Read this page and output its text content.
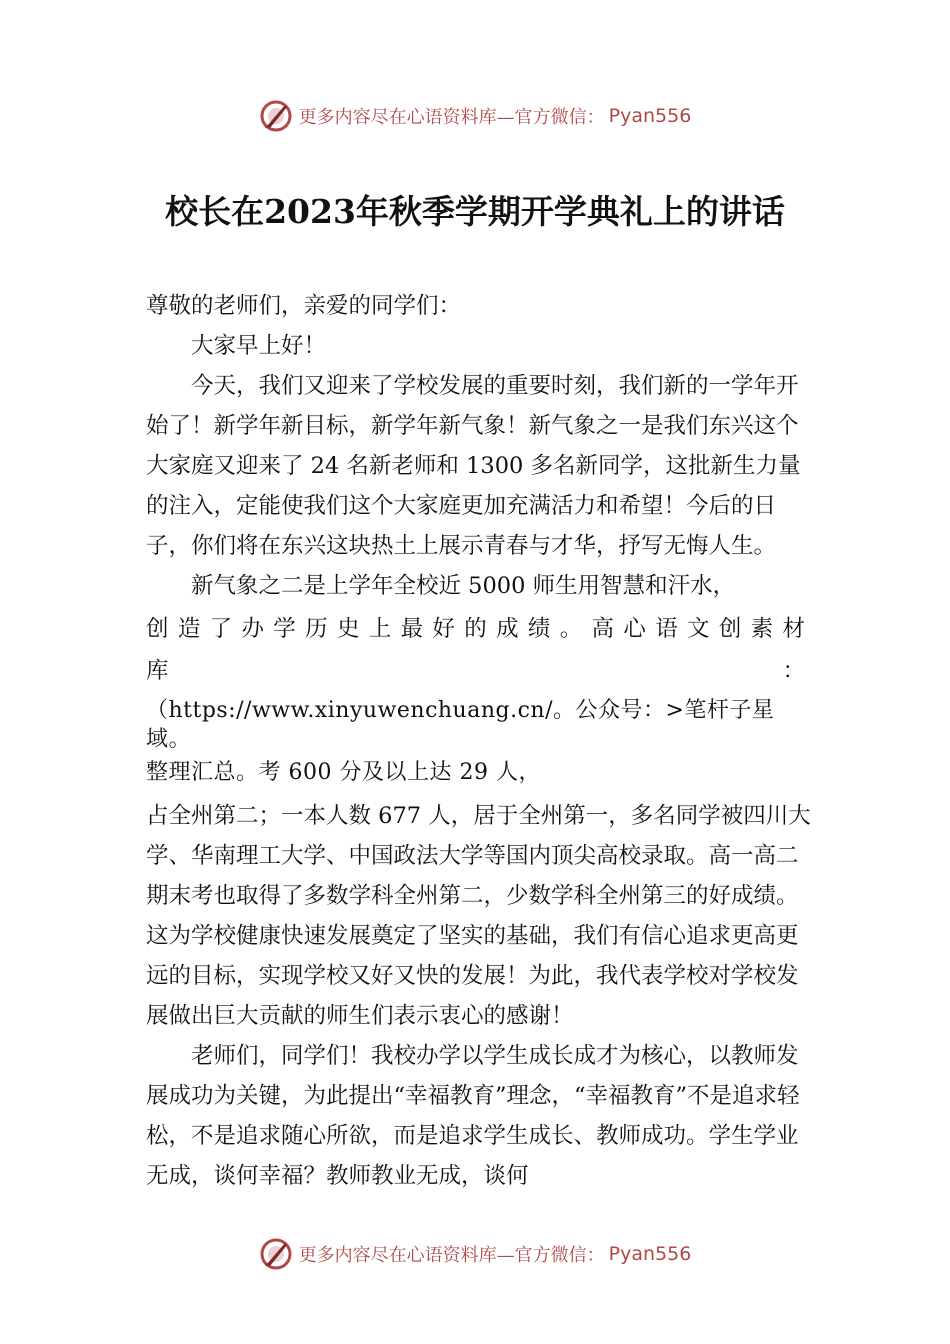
更多内容尽在心语资料库—官方微信： Pyan556
校长在2023年秋季学期开学典礼上的讲话

尊敬的老师们，亲爱的同学们：

大家早上好！

今天，我们又迎来了学校发展的重要时刻，我们新的一学年开始了！新学年新目标，新学年新气象！新气象之一是我们东兴这个大家庭又迎来了 24 名新老师和 1300 多名新同学，这批新生力量的注入，定能使我们这个大家庭更加充满活力和希望！今后的日子，你们将在东兴这块热土上展示青春与才华，抒写无悔人生。

新气象之二是上学年全校近 5000 师生用智慧和汗水，

创造了办学历史上最好的成绩。高心语文创素材库：

（https://www.xinyuwenchuang.cn/。公众号：>笔杆子星域。

整理汇总。考 600 分及以上达 29 人，

占全州第二；一本人数 677 人，居于全州第一，多名同学被四川大学、华南理工大学、中国政法大学等国内顶尖高校录取。高一高二期末考也取得了多数学科全州第二，少数学科全州第三的好成绩。这为学校健康快速发展奠定了坚实的基础，我们有信心追求更高更远的目标，实现学校又好又快的发展！为此，我代表学校对学校发展做出巨大贡献的师生们表示衷心的感谢！

老师们，同学们！我校办学以学生成长成才为核心，以教师发展成功为关键，为此提出“幸福教育”理念，“幸福教育”不是追求轻松，不是追求随心所欲，而是追求学生成长、教师成功。学生学业无成，谈何幸福？教师教业无成，谈何

更多内容尽在心语资料库—官方微信： Pyan556
